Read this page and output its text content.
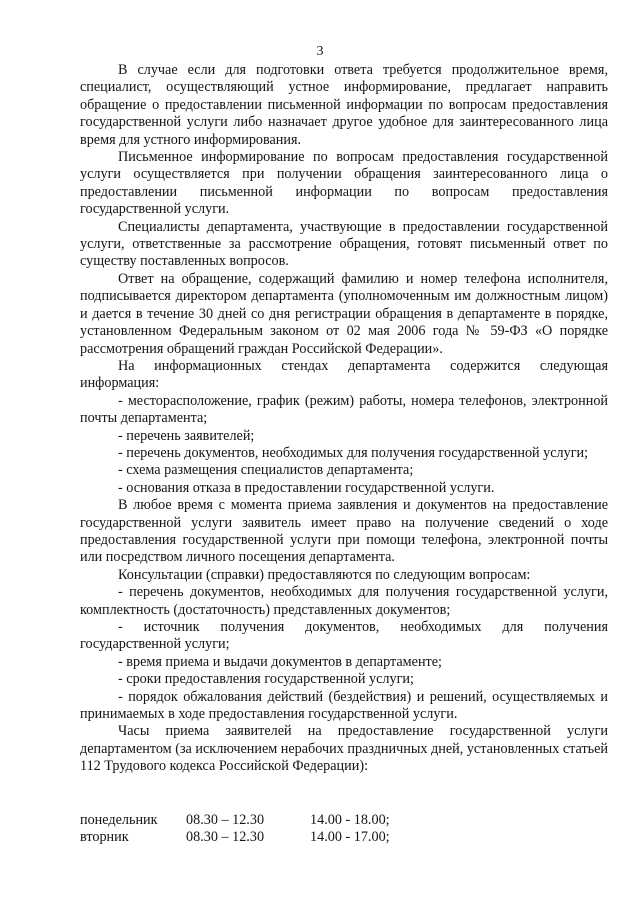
3

В случае если для подготовки ответа требуется продолжительное время, специалист, осуществляющий устное информирование, предлагает направить обращение о предоставлении письменной информации по вопросам предоставления государственной услуги либо назначает другое удобное для заинтересованного лица время для устного информирования.

Письменное информирование по вопросам предоставления государственной услуги осуществляется при получении обращения заинтересованного лица о предоставлении письменной информации по вопросам предоставления государственной услуги.

Специалисты департамента, участвующие в предоставлении государственной услуги, ответственные за рассмотрение обращения, готовят письменный ответ по существу поставленных вопросов.

Ответ на обращение, содержащий фамилию и номер телефона исполнителя, подписывается директором департамента (уполномоченным им должностным лицом) и дается в течение 30 дней со дня регистрации обращения в департаменте в порядке, установленном Федеральным законом от 02 мая 2006 года № 59-ФЗ «О порядке рассмотрения обращений граждан Российской Федерации».

На информационных стендах департамента содержится следующая информация:

- месторасположение, график (режим) работы, номера телефонов, электронной почты департамента;

- перечень заявителей;

- перечень документов, необходимых для получения государственной услуги;

- схема размещения специалистов департамента;

- основания отказа в предоставлении государственной услуги.

В любое время с момента приема заявления и документов на предоставление государственной услуги заявитель имеет право на получение сведений о ходе предоставления государственной услуги при помощи телефона, электронной почты или посредством личного посещения департамента.

Консультации (справки) предоставляются по следующим вопросам:

- перечень документов, необходимых для получения государственной услуги, комплектность (достаточность) представленных документов;

- источник получения документов, необходимых для получения государственной услуги;

- время приема и выдачи документов в департаменте;

- сроки предоставления государственной услуги;

- порядок обжалования действий (бездействия) и решений, осуществляемых и принимаемых в ходе предоставления государственной услуги.

Часы приема заявителей на предоставление государственной услуги департаментом (за исключением нерабочих праздничных дней, установленных статьей 112 Трудового кодекса Российской Федерации):

понедельник	08.30 – 12.30	14.00 - 18.00;
вторник	08.30 – 12.30	14.00 - 17.00;
